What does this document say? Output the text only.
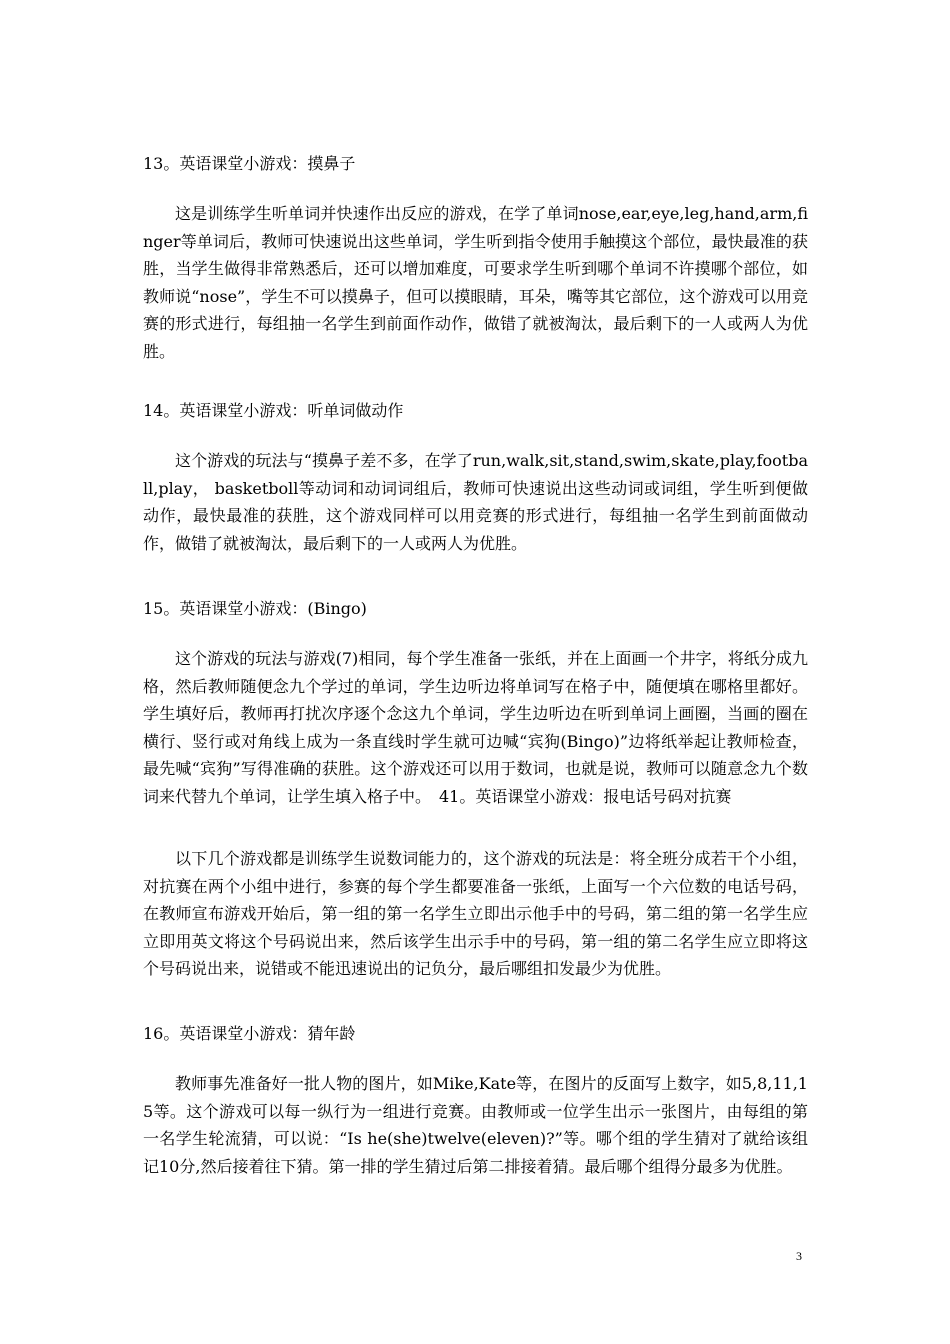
13。英语课堂小游戏：摸鼻子
这是训练学生听单词并快速作出反应的游戏，在学了单词nose,ear,eye,leg,hand,arm,finger等单词后，教师可快速说出这些单词，学生听到指令使用手触摸这个部位，最快最准的获胜，当学生做得非常熟悉后，还可以增加难度，可要求学生听到哪个单词不许摸哪个部位，如教师说“nose”，学生不可以摸鼻子，但可以摸眼睛，耳朵，嘴等其它部位，这个游戏可以用竞赛的形式进行，每组抽一名学生到前面作动作，做错了就被淘汰，最后剩下的一人或两人为优胜。
14。英语课堂小游戏：听单词做动作
这个游戏的玩法与“摸鼻子差不多，在学了run,walk,sit,stand,swim,skate,play,football,play， basketboll等动词和动词词组后，教师可快速说出这些动词或词组，学生听到便做动作，最快最准的获胜，这个游戏同样可以用竞赛的形式进行，每组抽一名学生到前面做动作，做错了就被淘汰，最后剩下的一人或两人为优胜。
15。英语课堂小游戏：(Bingo)
这个游戏的玩法与游戏(7)相同，每个学生准备一张纸，并在上面画一个井字，将纸分成九格，然后教师随便念九个学过的单词，学生边听边将单词写在格子中，随便填在哪格里都好。学生填好后，教师再打扰次序逐个念这九个单词，学生边听边在听到单词上画圈，当画的圈在横行、竖行或对角线上成为一条直线时学生就可边喊“宾狗(Bingo)”边将纸举起让教师检查，最先喊“宾狗”写得准确的获胜。这个游戏还可以用于数词，也就是说，教师可以随意念九个数词来代替九个单词，让学生填入格子中。　41。英语课堂小游戏：报电话号码对抗赛
以下几个游戏都是训练学生说数词能力的，这个游戏的玩法是：将全班分成若干个小组，对抗赛在两个小组中进行，参赛的每个学生都要准备一张纸，上面写一个六位数的电话号码，在教师宣布游戏开始后，第一组的第一名学生立即出示他手中的号码，第二组的第一名学生应立即用英文将这个号码说出来，然后该学生出示手中的号码，第一组的第二名学生应立即将这个号码说出来，说错或不能迅速说出的记负分，最后哪组扣发最少为优胜。
16。英语课堂小游戏：猜年龄
教师事先准备好一批人物的图片，如Mike,Kate等，在图片的反面写上数字，如5,8,11,15等。这个游戏可以每一纵行为一组进行竞赛。由教师或一位学生出示一张图片，由每组的第一名学生轮流猜，可以说：“Is he(she)twelve(eleven)?”等。哪个组的学生猜对了就给该组记10分,然后接着往下猜。第一排的学生猜过后第二排接着猜。最后哪个组得分最多为优胜。
3
